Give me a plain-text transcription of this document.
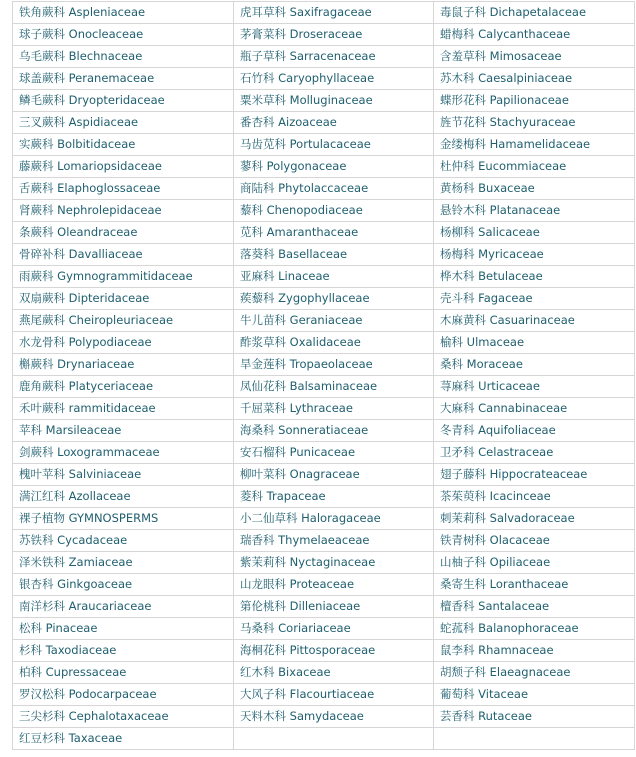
铁角蕨科 Aspleniaceae	虎耳草科 Saxifragaceae	毒鼠子科 Dichapetalaceae
球子蕨科 Onocleaceae	茅膏菜科 Droseraceae	蜡梅科 Calycanthaceae
乌毛蕨科 Blechnaceae	瓶子草科 Sarracenaceae	含羞草科 Mimosaceae
球盖蕨科 Peranemaceae	石竹科 Caryophyllaceae	苏木科 Caesalpiniaceae
鳞毛蕨科 Dryopteridaceae	粟米草科 Molluginaceae	蝶形花科 Papilionaceae
三叉蕨科 Aspidiaceae	番杏科 Aizoaceae	旌节花科 Stachyuraceae
实蕨科 Bolbitidaceae	马齿苋科 Portulacaceae	金缕梅科 Hamamelidaceae
藤蕨科 Lomariopsidaceae	蓼科 Polygonaceae	杜仲科 Eucommiaceae
舌蕨科 Elaphoglossaceae	商陆科 Phytolaccaceae	黄杨科 Buxaceae
肾蕨科 Nephrolepidaceae	藜科 Chenopodiaceae	悬铃木科 Platanaceae
条蕨科 Oleandraceae	苋科 Amaranthaceae	杨柳科 Salicaceae
骨碎补科 Davalliaceae	落葵科 Basellaceae	杨梅科 Myricaceae
雨蕨科 Gymnogrammitidaceae	亚麻科 Linaceae	桦木科 Betulaceae
双扇蕨科 Dipteridaceae	蒺藜科 Zygophyllaceae	壳斗科 Fagaceae
燕尾蕨科 Cheiropleuriaceae	牛儿苗科 Geraniaceae	木麻黄科 Casuarinaceae
水龙骨科 Polypodiaceae	酢浆草科 Oxalidaceae	榆科 Ulmaceae
槲蕨科 Drynariaceae	旱金莲科 Tropaeolaceae	桑科 Moraceae
鹿角蕨科 Platyceriaceae	凤仙花科 Balsaminaceae	荨麻科 Urticaceae
禾叶蕨科 rammitidaceae	千屈菜科 Lythraceae	大麻科 Cannabinaceae
苹科 Marsileaceae	海桑科 Sonneratiaceae	冬青科 Aquifoliaceae
剑蕨科 Loxogrammaceae	安石榴科 Punicaceae	卫矛科 Celastraceae
槐叶苹科 Salviniaceae	柳叶菜科 Onagraceae	翅子藤科 Hippocrateaceae
满江红科 Azollaceae	菱科 Trapaceae	茶茱萸科 Icacinceae
裸子植物 GYMNOSPERMS	小二仙草科 Haloragaceae	刺茉莉科 Salvadoraceae
苏铁科 Cycadaceae	瑞香科 Thymelaeaceae	铁青树科 Olacaceae
泽米铁科 Zamiaceae	紫茉莉科 Nyctaginaceae	山柚子科 Opiliaceae
银杏科 Ginkgoaceae	山龙眼科 Proteaceae	桑寄生科 Loranthaceae
南洋杉科 Araucariaceae	第伦桃科 Dilleniaceae	檀香科 Santalaceae
松科 Pinaceae	马桑科 Coriariaceae	蛇菰科 Balanophoraceae
杉科 Taxodiaceae	海桐花科 Pittosporaceae	鼠李科 Rhamnaceae
柏科 Cupressaceae	红木科 Bixaceae	胡颓子科 Elaeagnaceae
罗汉松科 Podocarpaceae	大风子科 Flacourtiaceae	葡萄科 Vitaceae
三尖杉科 Cephalotaxaceae	天料木科 Samydaceae	芸香科 Rutaceae
红豆杉科 Taxaceae		
